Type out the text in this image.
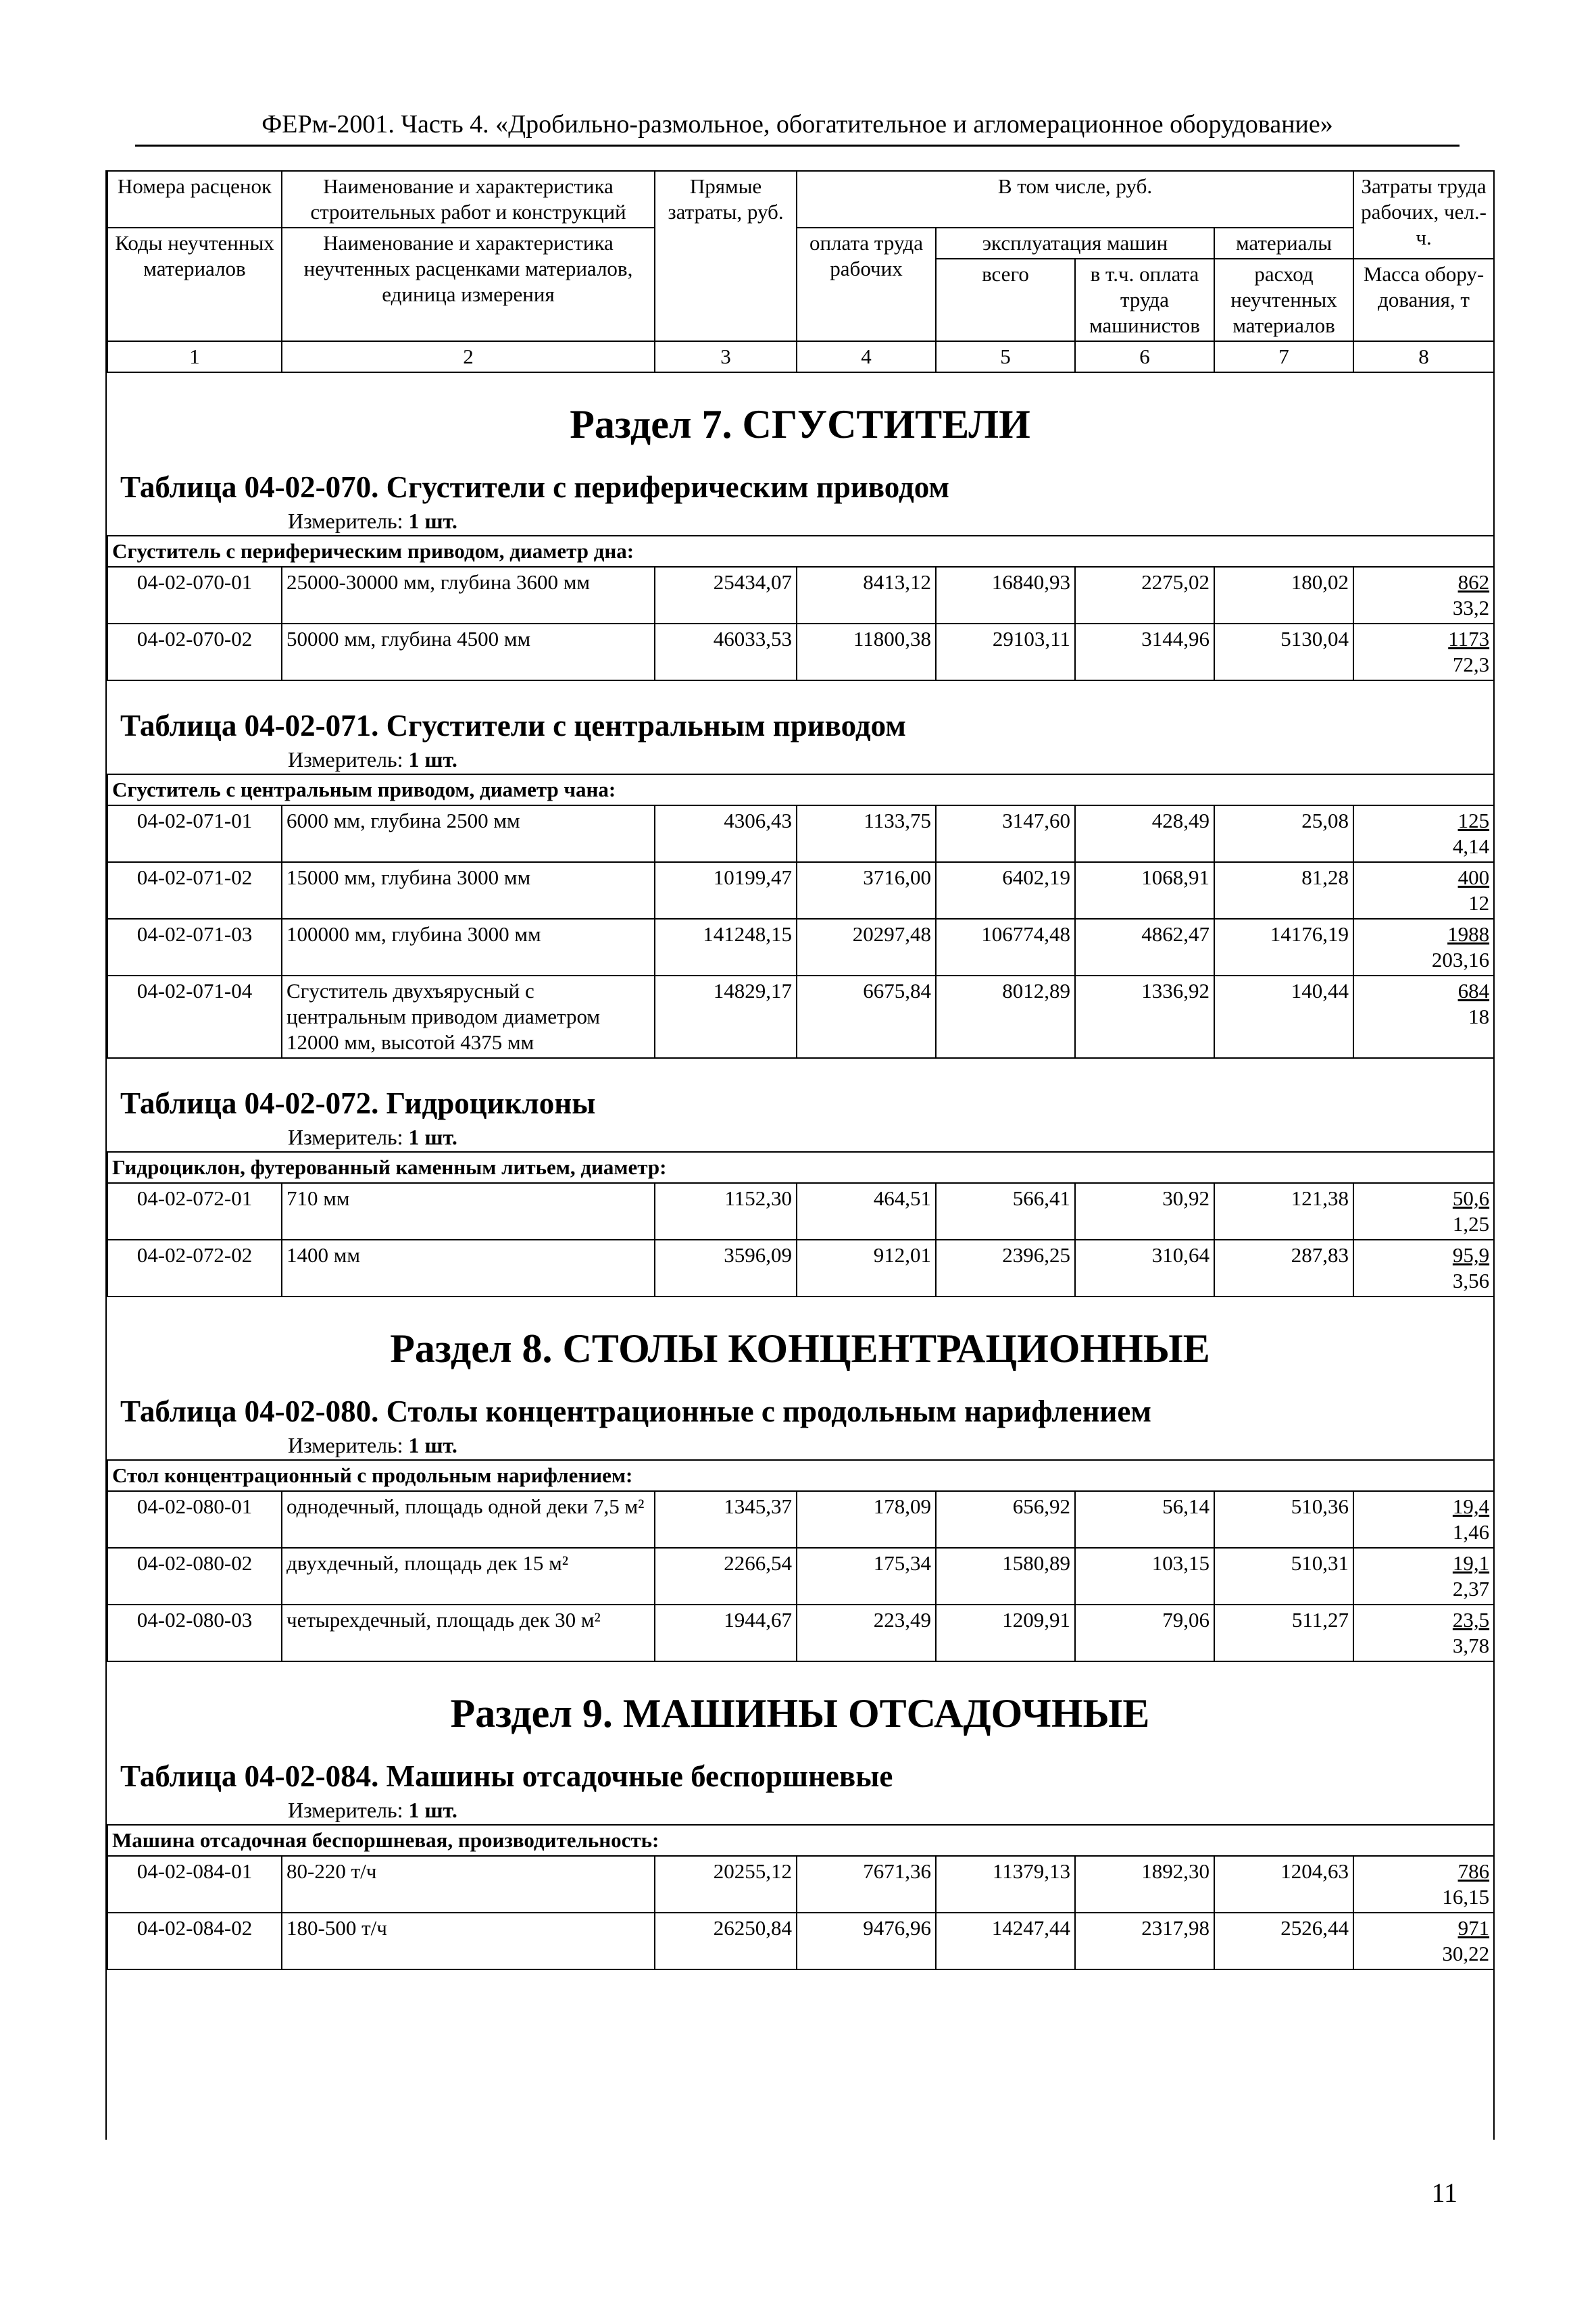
ФЕРм-2001. Часть 4. «Дробильно-размольное, обогатительное и агломерационное оборудование»
Номера расценок	Наименование и характеристика строительных работ и конструкций	Прямые затраты, руб.	В том числе, руб.				Затраты труда рабочих, чел.-ч.
Коды неучтенных материалов	Наименование и характеристика неучтенных расценками материалов, единица измерения		оплата труда рабочих	эксплуатация машин		материалы	
				всего	в т.ч. оплата труда машинистов	расход неучтенных материалов	Масса обору-дования, т
1	2	3	4	5	6	7	8
Раздел 7. СГУСТИТЕЛИ
Таблица 04-02-070. Сгустители с периферическим приводом
Измеритель: 1 шт.
Сгуститель с периферическим приводом, диаметр дна:							
04-02-070-01	25000-30000 мм, глубина 3600 мм	25434,07	8413,12	16840,93	2275,02	180,02	862
33,2

04-02-070-02	50000 мм, глубина 4500 мм	46033,53	11800,38	29103,11	3144,96	5130,04	1173
72,3
Таблица 04-02-071. Сгустители с центральным приводом
Измеритель: 1 шт.
Сгуститель с центральным приводом, диаметр чана:							
04-02-071-01	6000 мм, глубина 2500 мм	4306,43	1133,75	3147,60	428,49	25,08	125
4,14

04-02-071-02	15000 мм, глубина 3000 мм	10199,47	3716,00	6402,19	1068,91	81,28	400
12

04-02-071-03	100000 мм, глубина 3000 мм	141248,15	20297,48	106774,48	4862,47	14176,19	1988
203,16

04-02-071-04	Сгуститель двухъярусный с центральным приводом диаметром 12000 мм, высотой 4375 мм	14829,17	6675,84	8012,89	1336,92	140,44	684
18
Таблица 04-02-072. Гидроциклоны
Измеритель: 1 шт.
Гидроциклон, футерованный каменным литьем, диаметр:							
04-02-072-01	710 мм	1152,30	464,51	566,41	30,92	121,38	50,6
1,25

04-02-072-02	1400 мм	3596,09	912,01	2396,25	310,64	287,83	95,9
3,56
Раздел 8. СТОЛЫ КОНЦЕНТРАЦИОННЫЕ
Таблица 04-02-080. Столы концентрационные с продольным нарифлением
Измеритель: 1 шт.
Стол концентрационный с продольным нарифлением:							
04-02-080-01	однодечный, площадь одной деки 7,5 м²	1345,37	178,09	656,92	56,14	510,36	19,4
1,46

04-02-080-02	двухдечный, площадь дек 15 м²	2266,54	175,34	1580,89	103,15	510,31	19,1
2,37

04-02-080-03	четырехдечный, площадь дек 30 м²	1944,67	223,49	1209,91	79,06	511,27	23,5
3,78
Раздел 9. МАШИНЫ ОТСАДОЧНЫЕ
Таблица 04-02-084. Машины отсадочные беспоршневые
Измеритель: 1 шт.
Машина отсадочная беспоршневая, производительность:							
04-02-084-01	80-220 т/ч	20255,12	7671,36	11379,13	1892,30	1204,63	786
16,15

04-02-084-02	180-500 т/ч	26250,84	9476,96	14247,44	2317,98	2526,44	971
30,22
11
